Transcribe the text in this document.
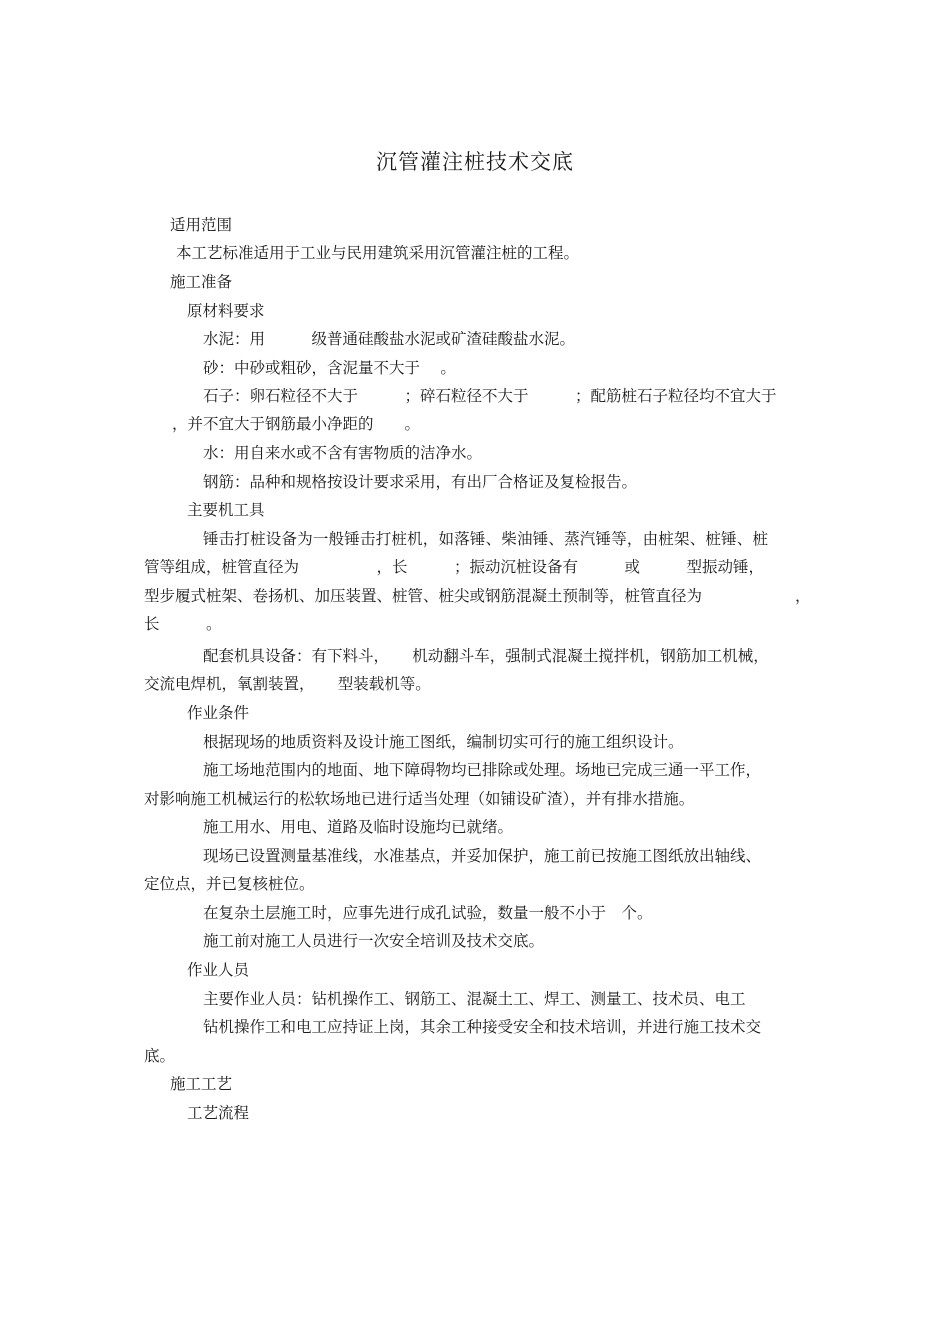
沉管灌注桩技术交底
适用范围
本工艺标准适用于工业与民用建筑采用沉管灌注桩的工程。
施工准备
原材料要求
水泥：用　　　级普通硅酸盐水泥或矿渣硅酸盐水泥。
砂：中砂或粗砂，含泥量不大于　 。
石子：卵石粒径不大于　　　；碎石粒径不大于　　　；配筋桩石子粒径均不宜大于
，并不宜大于钢筋最小净距的　　。
水：用自来水或不含有害物质的洁净水。
钢筋：品种和规格按设计要求采用，有出厂合格证及复检报告。
主要机工具
锤击打桩设备为一般锤击打桩机，如落锤、柴油锤、蒸汽锤等，由桩架、桩锤、桩
管等组成，桩管直径为　　　　　，长　　　；振动沉桩设备有　　　或　　　型振动锤，
型步履式桩架、卷扬机、加压装置、桩管、桩尖或钢筋混凝土预制等，桩管直径为　　　　　　，
长　　　。
配套机具设备：有下料斗，　　机动翻斗车，强制式混凝土搅拌机，钢筋加工机械，
交流电焊机，氧割装置，　　型装载机等。
作业条件
根据现场的地质资料及设计施工图纸，编制切实可行的施工组织设计。
施工场地范围内的地面、地下障碍物均已排除或处理。场地已完成三通一平工作，
对影响施工机械运行的松软场地已进行适当处理（如铺设矿渣），并有排水措施。
施工用水、用电、道路及临时设施均已就绪。
现场已设置测量基准线，水准基点，并妥加保护，施工前已按施工图纸放出轴线、
定位点，并已复核桩位。
在复杂土层施工时，应事先进行成孔试验，数量一般不小于　个。
施工前对施工人员进行一次安全培训及技术交底。
作业人员
主要作业人员：钻机操作工、钢筋工、混凝土工、焊工、测量工、技术员、电工
钻机操作工和电工应持证上岗，其余工种接受安全和技术培训，并进行施工技术交
底。
施工工艺
工艺流程
